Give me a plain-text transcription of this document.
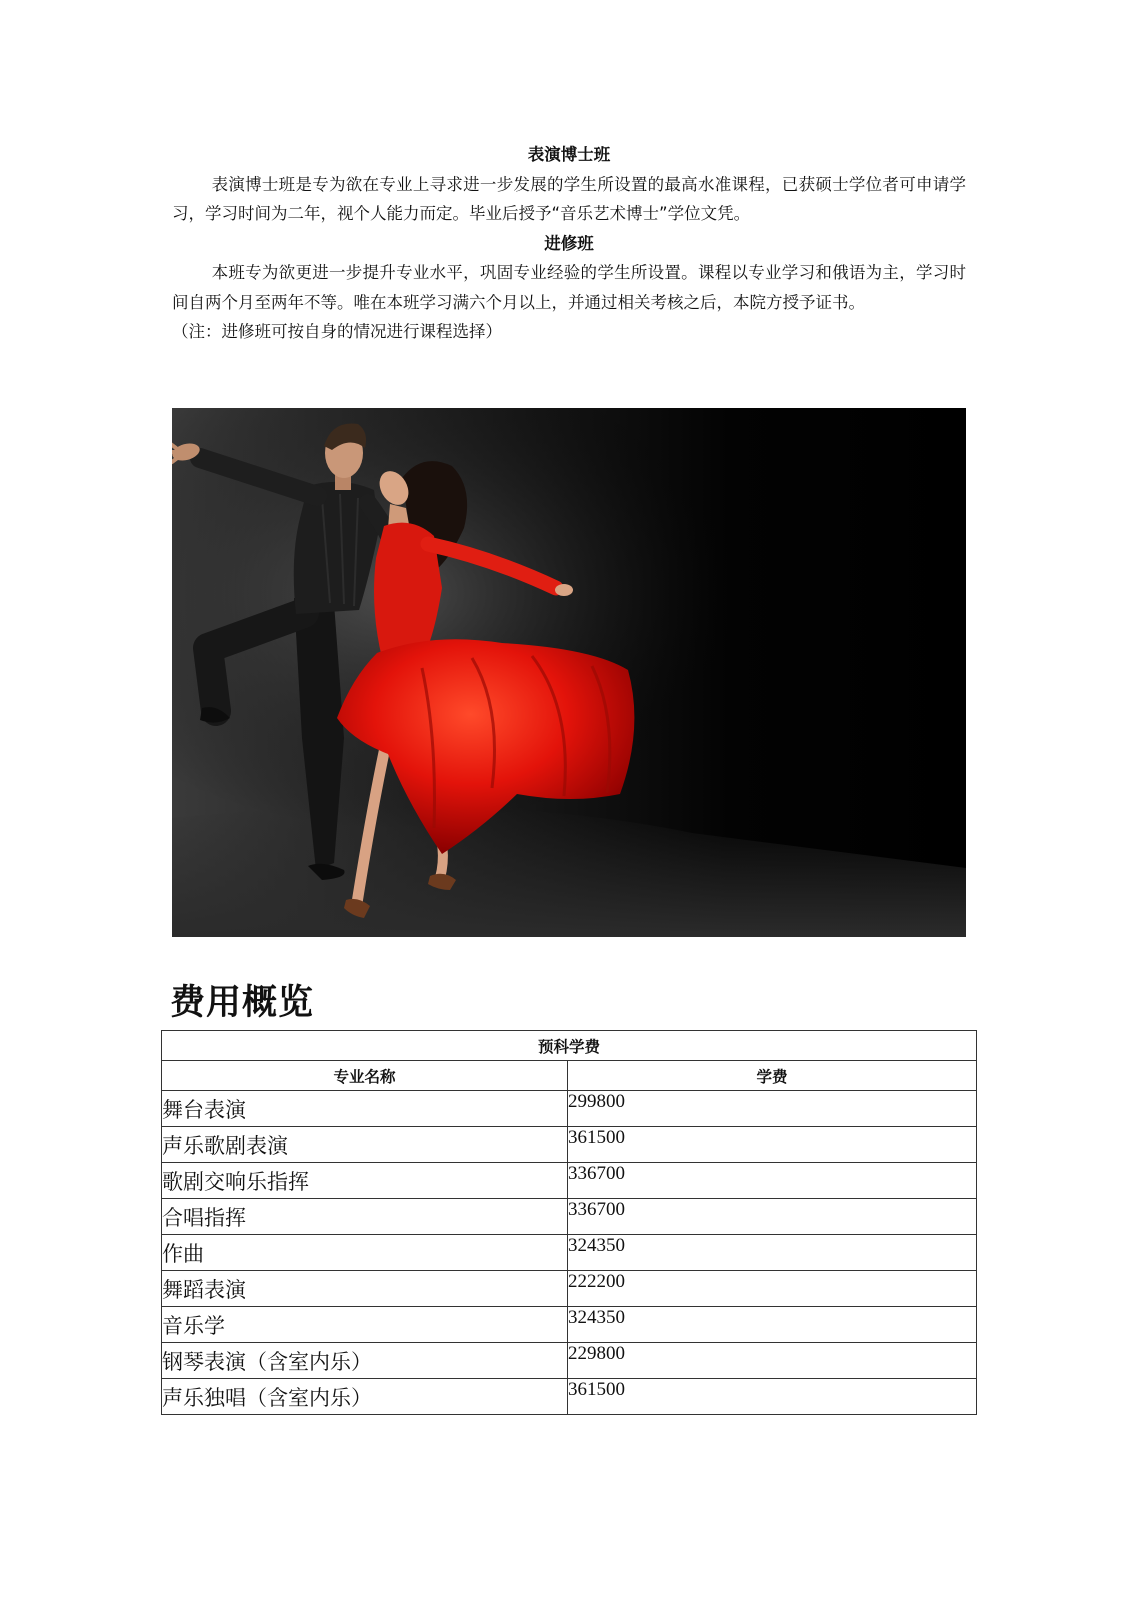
表演博士班

表演博士班是专为欲在专业上寻求进一步发展的学生所设置的最高水准课程，已获硕士学位者可申请学习，学习时间为二年，视个人能力而定。毕业后授予“音乐艺术博士”学位文凭。

进修班

本班专为欲更进一步提升专业水平，巩固专业经验的学生所设置。课程以专业学习和俄语为主，学习时间自两个月至两年不等。唯在本班学习满六个月以上，并通过相关考核之后，本院方授予证书。

（注：进修班可按自身的情况进行课程选择）

费用概览
预科学费	
专业名称	学费
舞台表演	299800
声乐歌剧表演	361500
歌剧交响乐指挥	336700
合唱指挥	336700
作曲	324350
舞蹈表演	222200
音乐学	324350
钢琴表演（含室内乐）	229800
声乐独唱（含室内乐）	361500
